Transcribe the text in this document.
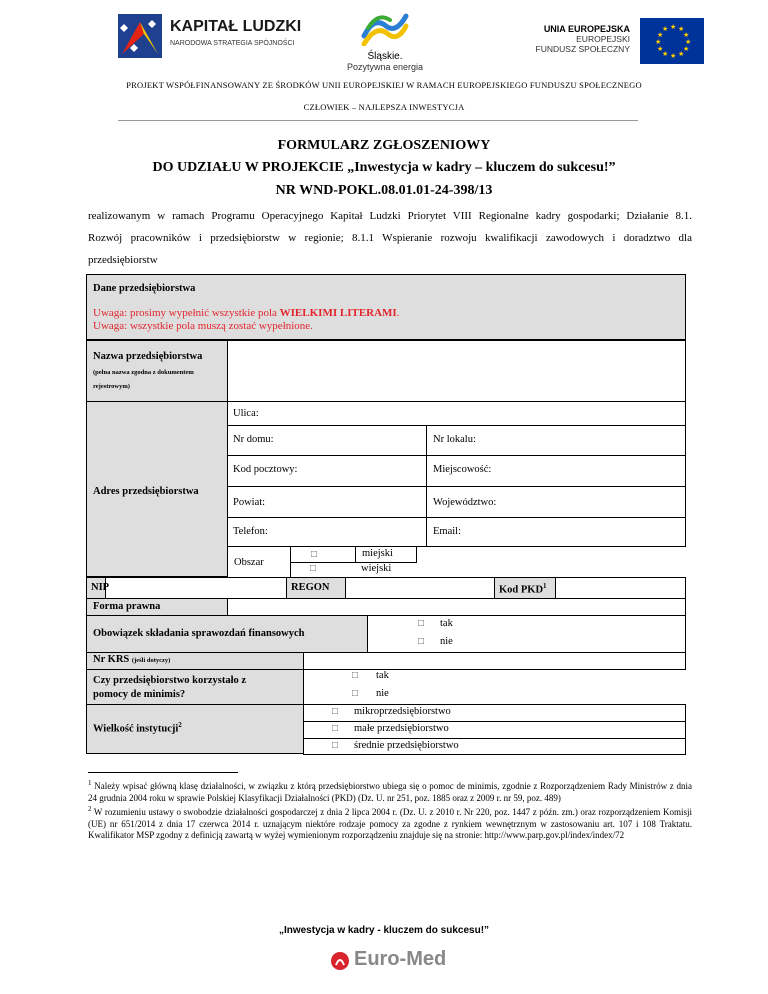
KAPITAŁ LUDZKI
NARODOWA STRATEGIA SPÓJNOŚCI
Śląskie.
Pozytywna energia
UNIA EUROPEJSKA
EUROPEJSKI
FUNDUSZ SPOŁECZNY
★ ★
★
★
★
★
★
★
★
★
★
★
PROJEKT WSPÓŁFINANSOWANY ZE ŚRODKÓW UNII EUROPEJSKIEJ W RAMACH EUROPEJSKIEGO FUNDUSZU SPOŁECZNEGO
CZŁOWIEK – NAJLEPSZA INWESTYCJA
FORMULARZ ZGŁOSZENIOWY
DO UDZIAŁU W PROJEKCIE „Inwestycja w kadry – kluczem do sukcesu!”
NR WND-POKL.08.01.01-24-398/13
realizowanym w ramach Programu Operacyjnego Kapitał Ludzki Priorytet VIII Regionalne kadry gospodarki; Działanie 8.1.
Rozwój pracowników i przedsiębiorstw w regionie; 8.1.1 Wspieranie rozwoju kwalifikacji zawodowych i doradztwo dla
przedsiębiorstw
Dane przedsiębiorstwa
Uwaga: prosimy wypełnić wszystkie pola WIELKIMI LITERAMI.
Uwaga: wszystkie pola muszą zostać wypełnione.
Nazwa przedsiębiorstwa
(pełna nazwa zgodna z dokumentem
rejestrowym)
Adres przedsiębiorstwa
Ulica:
Nr domu:	Nr lokalu:
Kod pocztowy:	Miejscowość:
Powiat:	Województwo:
Telefon:	Email:
Obszar
□	miejski
□	wiejski
NIP	REGON	Kod PKD$^1$
Forma prawna
Obowiązek składania sprawozdań finansowych
□ tak
□ nie
Nr KRS (jeśli dotyczy)
Czy przedsiębiorstwo korzystało z
pomocy de minimis?
□ tak
□ nie
Wielkość instytucji$^2$
□ mikroprzedsiębiorstwo
□ małe przedsiębiorstwo
□ średnie przedsiębiorstwo

$^1$ Należy wpisać główną klasę działalności, w związku z którą przedsiębiorstwo ubiega się o pomoc de minimis, zgodnie z Rozporządzeniem Rady Ministrów z dnia 24 grudnia 2004 roku w sprawie Polskiej Klasyfikacji Działalności (PKD) (Dz. U. nr 251, poz. 1885 oraz z 2009 r. nr 59, poz. 489)

$^2$ W rozumieniu ustawy o swobodzie działalności gospodarczej z dnia 2 lipca 2004 r. (Dz. U. z 2010 r. Nr 220, poz. 1447 z późn. zm.) oraz rozporządzeniem Komisji (UE) nr 651/2014 z dnia 17 czerwca 2014 r. uznającym niektóre rodzaje pomocy za zgodne z rynkiem wewnętrznym w zastosowaniu art. 107 i 108 Traktatu. Kwalifikator MSP zgodny z definicją zawartą w wyżej wymienionym rozporządzeniu znajduje się na stronie: http://www.parp.gov.pl/index/index/72

„Inwestycja w kadry - kluczem do sukcesu!”
Euro-Med
